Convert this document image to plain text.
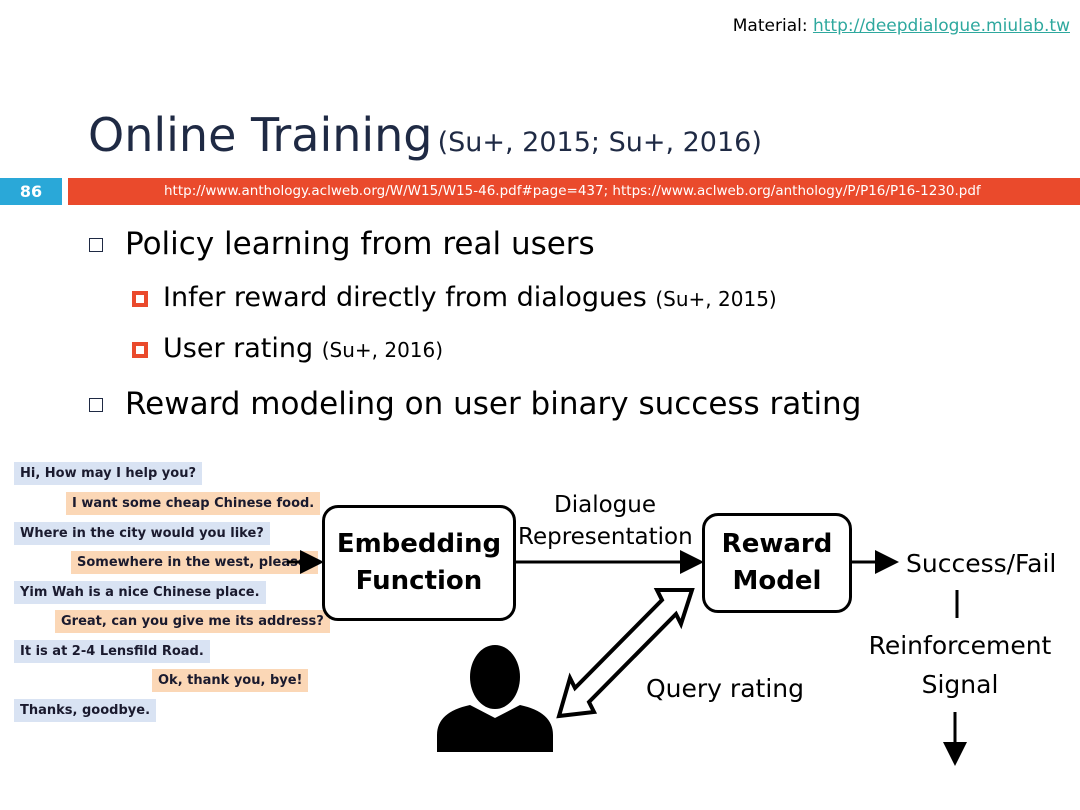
Material: http://deepdialogue.miulab.tw
Online Training (Su+, 2015; Su+, 2016)
86	http://www.anthology.aclweb.org/W/W15/W15-46.pdf#page=437; https://www.aclweb.org/anthology/P/P16/P16-1230.pdf
Policy learning from real users
Infer reward directly from dialogues (Su+, 2015)
User rating (Su+, 2016)
Reward modeling on user binary success rating
Hi, How may I help you?
I want some cheap Chinese food.
Where in the city would you like?
Somewhere in the west, please.
Yim Wah is a nice Chinese place.
Great, can you give me its address?
It is at 2-4 Lensfild Road.
Ok, thank you, bye!
Thanks, goodbye.
Embedding
Function
Reward
Model
Dialogue
Representation
Success/Fail
Reinforcement
Signal
Query rating
